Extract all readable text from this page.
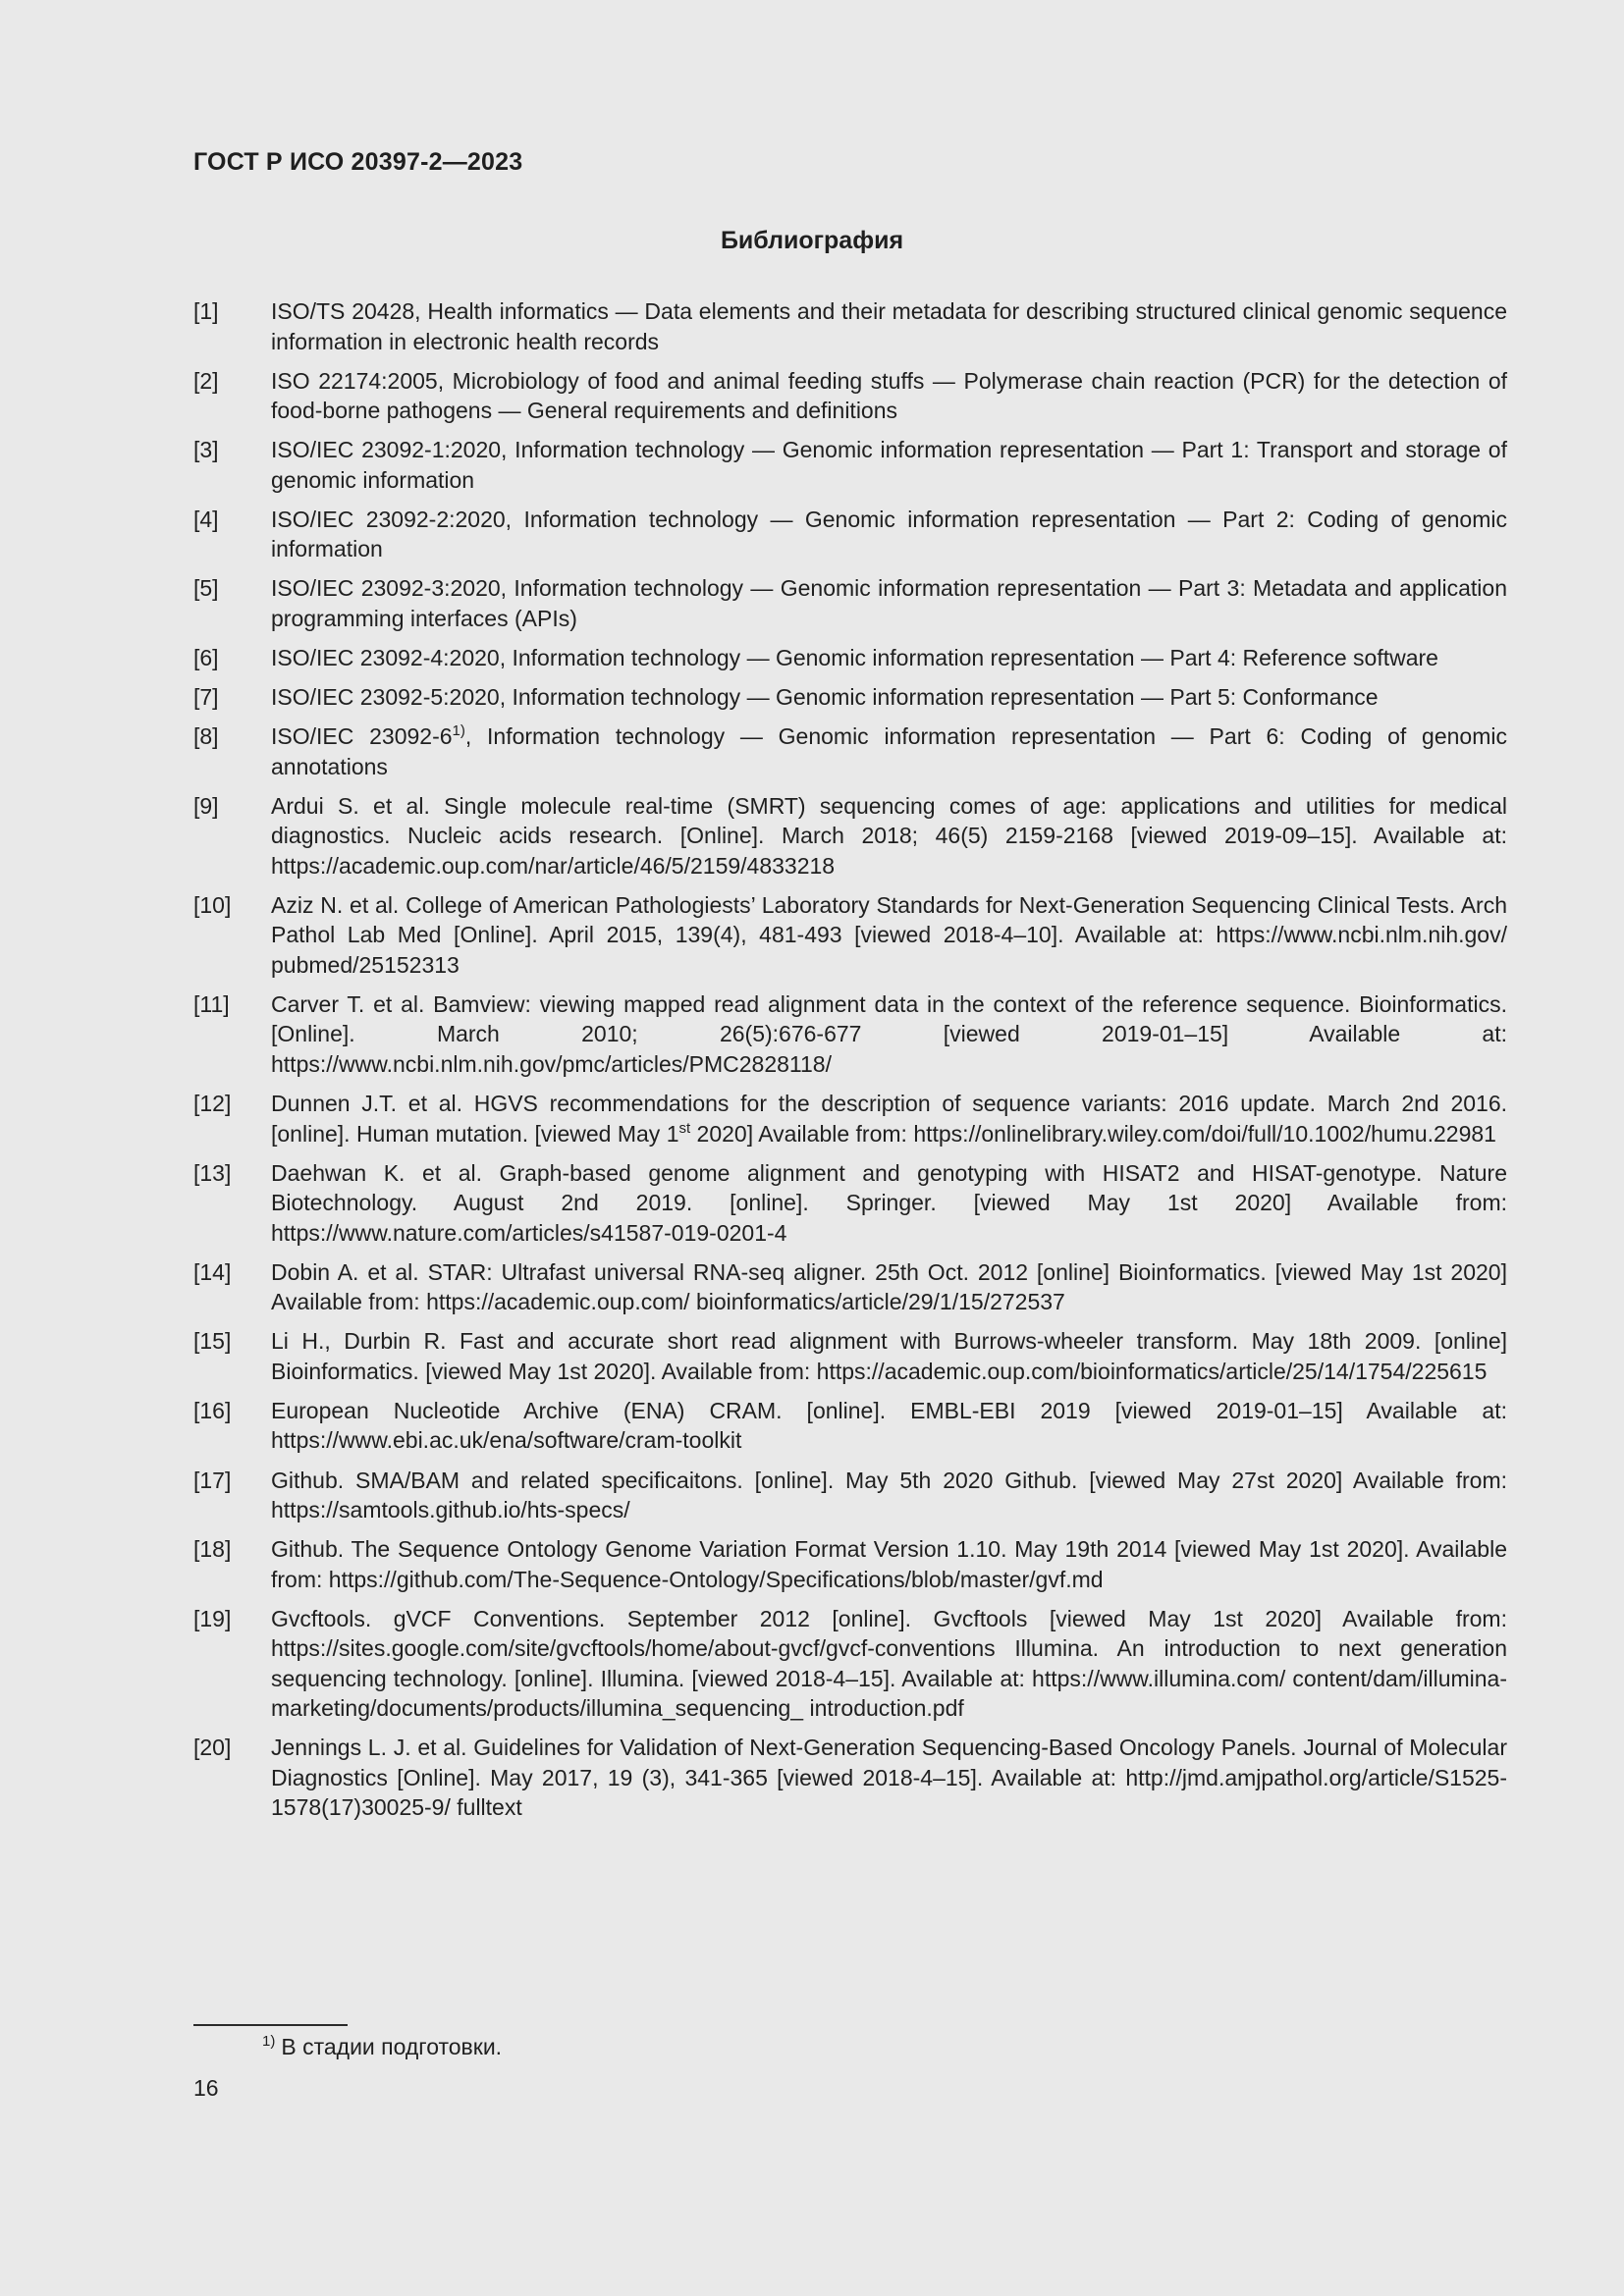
ГОСТ Р ИСО 20397-2—2023
Библиография
[1] ISO/TS 20428, Health informatics — Data elements and their metadata for describing structured clinical genomic sequence information in electronic health records
[2] ISO 22174:2005, Microbiology of food and animal feeding stuffs — Polymerase chain reaction (PCR) for the detection of food-borne pathogens — General requirements and definitions
[3] ISO/IEC 23092-1:2020, Information technology — Genomic information representation — Part 1: Transport and storage of genomic information
[4] ISO/IEC 23092-2:2020, Information technology — Genomic information representation — Part 2: Coding of genomic information
[5] ISO/IEC 23092-3:2020, Information technology — Genomic information representation — Part 3: Metadata and application programming interfaces (APIs)
[6] ISO/IEC 23092-4:2020, Information technology — Genomic information representation — Part 4: Reference software
[7] ISO/IEC 23092-5:2020, Information technology — Genomic information representation — Part 5: Conformance
[8] ISO/IEC 23092-6$^{1)}$, Information technology — Genomic information representation — Part 6: Coding of genomic annotations
[9] Ardui S. et al. Single molecule real-time (SMRT) sequencing comes of age: applications and utilities for medical diagnostics. Nucleic acids research. [Online]. March 2018; 46(5) 2159-2168 [viewed 2019-09–15]. Available at: https://academic.oup.com/nar/article/46/5/2159/4833218
[10] Aziz N. et al. College of American Pathologiests’ Laboratory Standards for Next-Generation Sequencing Clinical Tests. Arch Pathol Lab Med [Online]. April 2015, 139(4), 481-493 [viewed 2018-4–10]. Available at: https://www.ncbi.nlm.nih.gov/ pubmed/25152313
[11] Carver T. et al. Bamview: viewing mapped read alignment data in the context of the reference sequence. Bioinformatics. [Online]. March 2010; 26(5):676-677 [viewed 2019-01–15] Available at: https://www.ncbi.nlm.nih.gov/pmc/articles/PMC2828118/
[12] Dunnen J.T. et al. HGVS recommendations for the description of sequence variants: 2016 update. March 2nd 2016. [online]. Human mutation. [viewed May 1st 2020] Available from: https://onlinelibrary.wiley.com/doi/full/10.1002/humu.22981
[13] Daehwan K. et al. Graph-based genome alignment and genotyping with HISAT2 and HISAT-genotype. Nature Biotechnology. August 2nd 2019. [online]. Springer. [viewed May 1st 2020] Available from: https://www.nature.com/articles/s41587-019-0201-4
[14] Dobin A. et al. STAR: Ultrafast universal RNA-seq aligner. 25th Oct. 2012 [online] Bioinformatics. [viewed May 1st 2020] Available from: https://academic.oup.com/ bioinformatics/article/29/1/15/272537
[15] Li H., Durbin R. Fast and accurate short read alignment with Burrows-wheeler transform. May 18th 2009. [online] Bioinformatics. [viewed May 1st 2020]. Available from: https://academic.oup.com/bioinformatics/article/25/14/1754/225615
[16] European Nucleotide Archive (ENA) CRAM. [online]. EMBL-EBI 2019 [viewed 2019-01–15] Available at: https://www.ebi.ac.uk/ena/software/cram-toolkit
[17] Github. SMA/BAM and related specificaitons. [online]. May 5th 2020 Github. [viewed May 27st 2020] Available from: https://samtools.github.io/hts-specs/
[18] Github. The Sequence Ontology Genome Variation Format Version 1.10. May 19th 2014 [viewed May 1st 2020]. Available from: https://github.com/The-Sequence-Ontology/Specifications/blob/master/gvf.md
[19] Gvcftools. gVCF Conventions. September 2012 [online]. Gvcftools [viewed May 1st 2020] Available from: https://sites.google.com/site/gvcftools/home/about-gvcf/gvcf-conventions Illumina. An introduction to next generation sequencing technology. [online]. Illumina. [viewed 2018-4–15]. Available at: https://www.illumina.com/ content/dam/illumina-marketing/documents/products/illumina_sequencing_ introduction.pdf
[20] Jennings L. J. et al. Guidelines for Validation of Next-Generation Sequencing-Based Oncology Panels. Journal of Molecular Diagnostics [Online]. May 2017, 19 (3), 341-365 [viewed 2018-4–15]. Available at: http://jmd.amjpathol.org/article/S1525-1578(17)30025-9/ fulltext
$^{1)}$ В стадии подготовки.
16
